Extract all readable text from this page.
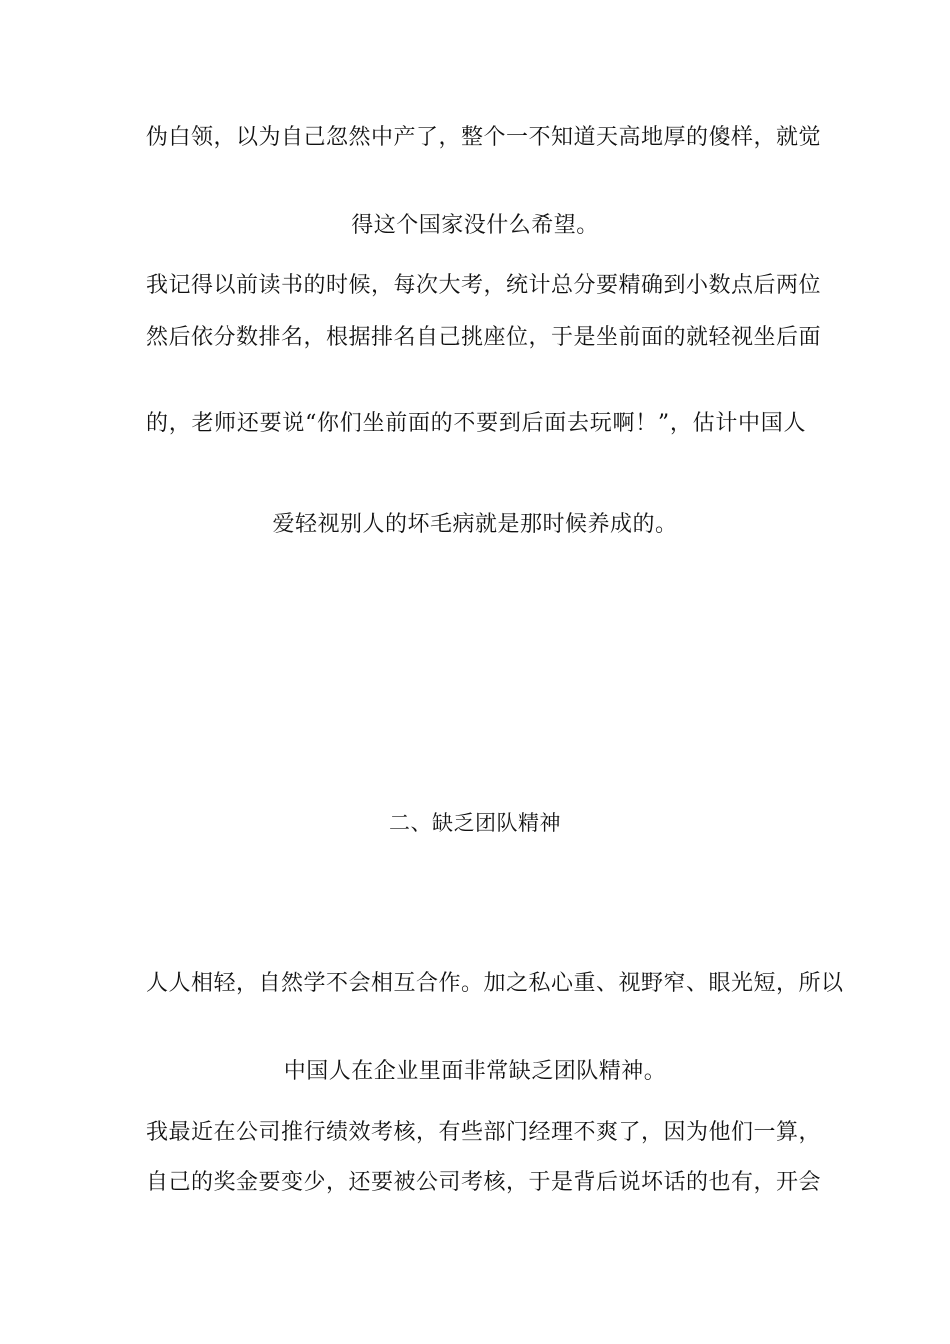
伪白领，以为自己忽然中产了，整个一不知道天高地厚的傻样，就觉
得这个国家没什么希望。
我记得以前读书的时候，每次大考，统计总分要精确到小数点后两位
然后依分数排名，根据排名自己挑座位，于是坐前面的就轻视坐后面
的，老师还要说“你们坐前面的不要到后面去玩啊！”，估计中国人
爱轻视别人的坏毛病就是那时候养成的。
二、缺乏团队精神
人人相轻，自然学不会相互合作。加之私心重、视野窄、眼光短，所以
中国人在企业里面非常缺乏团队精神。
我最近在公司推行绩效考核，有些部门经理不爽了，因为他们一算，
自己的奖金要变少，还要被公司考核，于是背后说坏话的也有，开会
